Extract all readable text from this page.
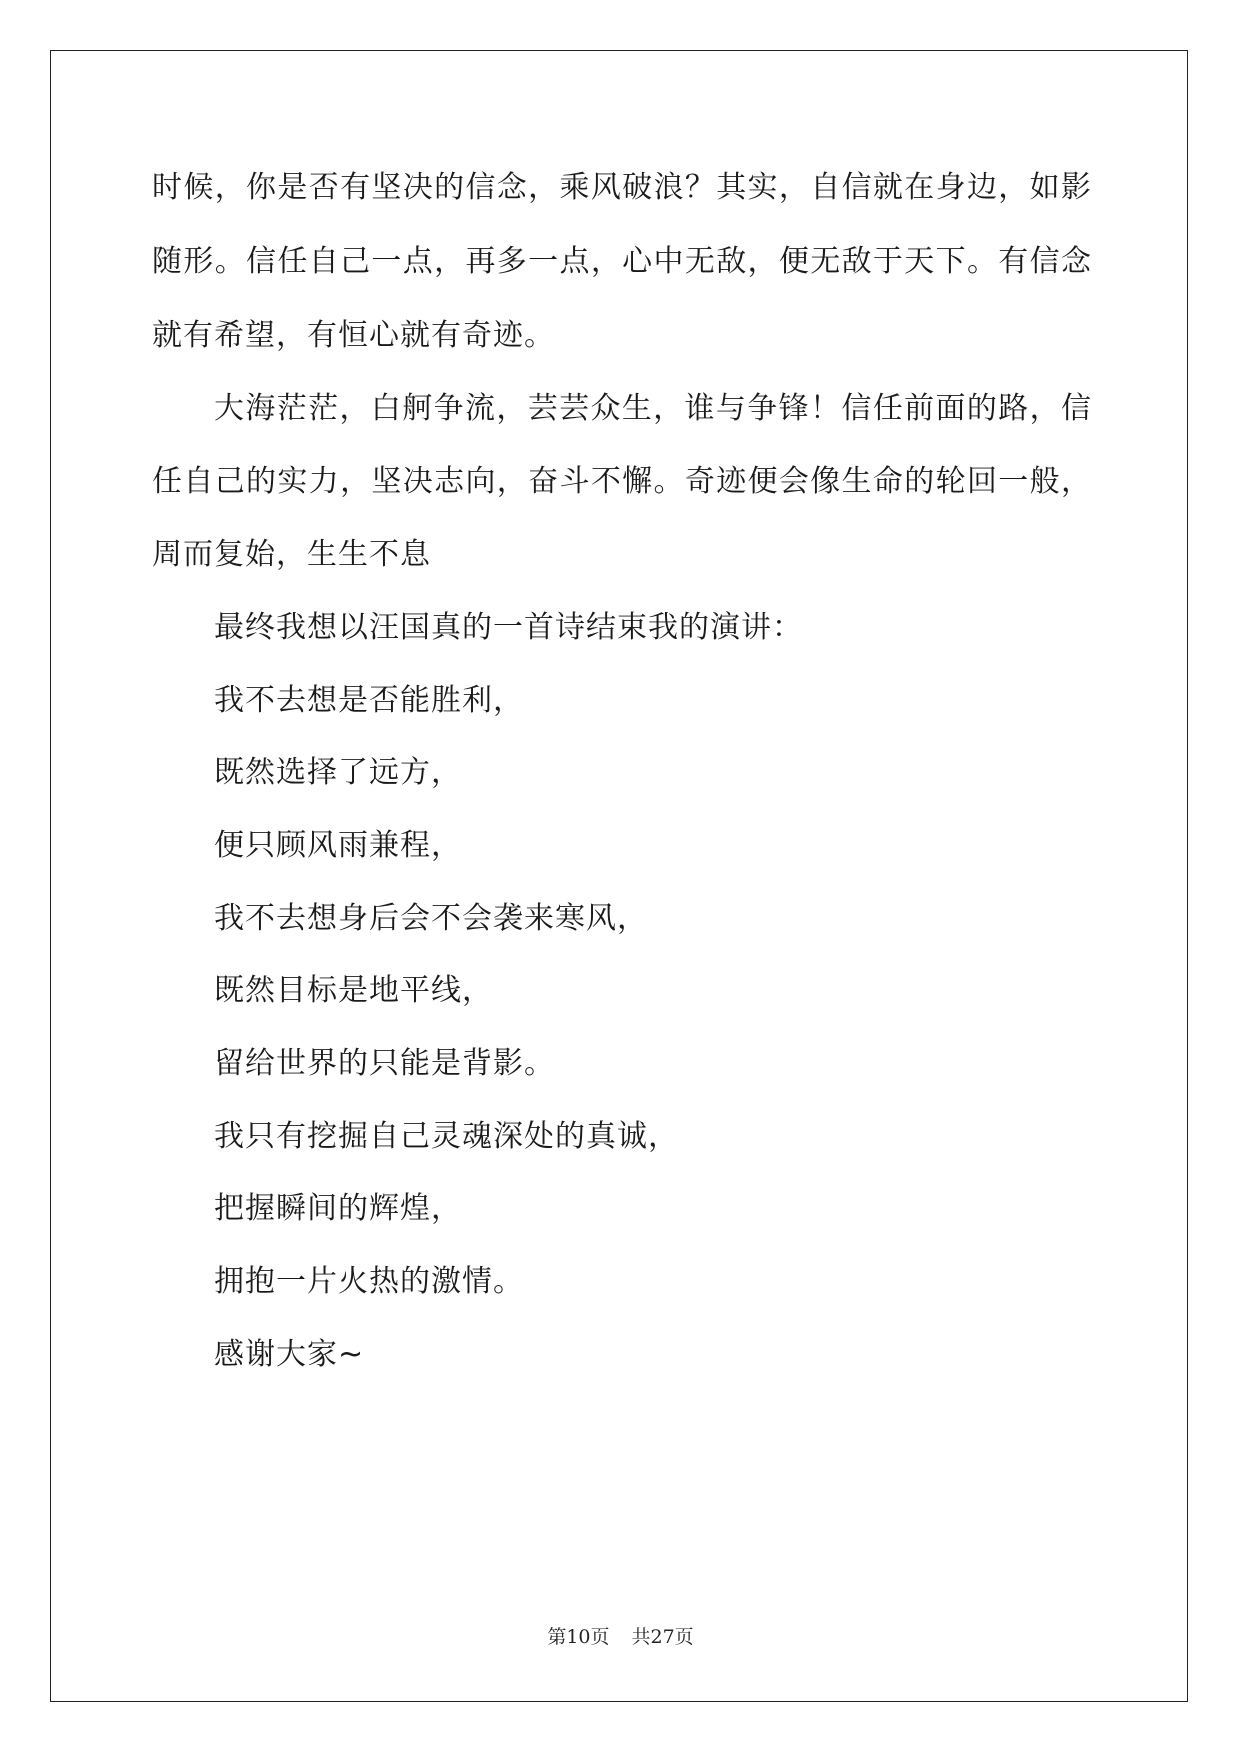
时候，你是否有坚决的信念，乘风破浪？其实，自信就在身边，如影
随形。信任自己一点，再多一点，心中无敌，便无敌于天下。有信念
就有希望，有恒心就有奇迹。
大海茫茫，白舸争流，芸芸众生，谁与争锋！信任前面的路，信
任自己的实力，坚决志向，奋斗不懈。奇迹便会像生命的轮回一般，
周而复始，生生不息
最终我想以汪国真的一首诗结束我的演讲：
我不去想是否能胜利，
既然选择了远方，
便只顾风雨兼程，
我不去想身后会不会袭来寒风，
既然目标是地平线，
留给世界的只能是背影。
我只有挖掘自己灵魂深处的真诚，
把握瞬间的辉煌，
拥抱一片火热的激情。
感谢大家~
第10页 共27页
